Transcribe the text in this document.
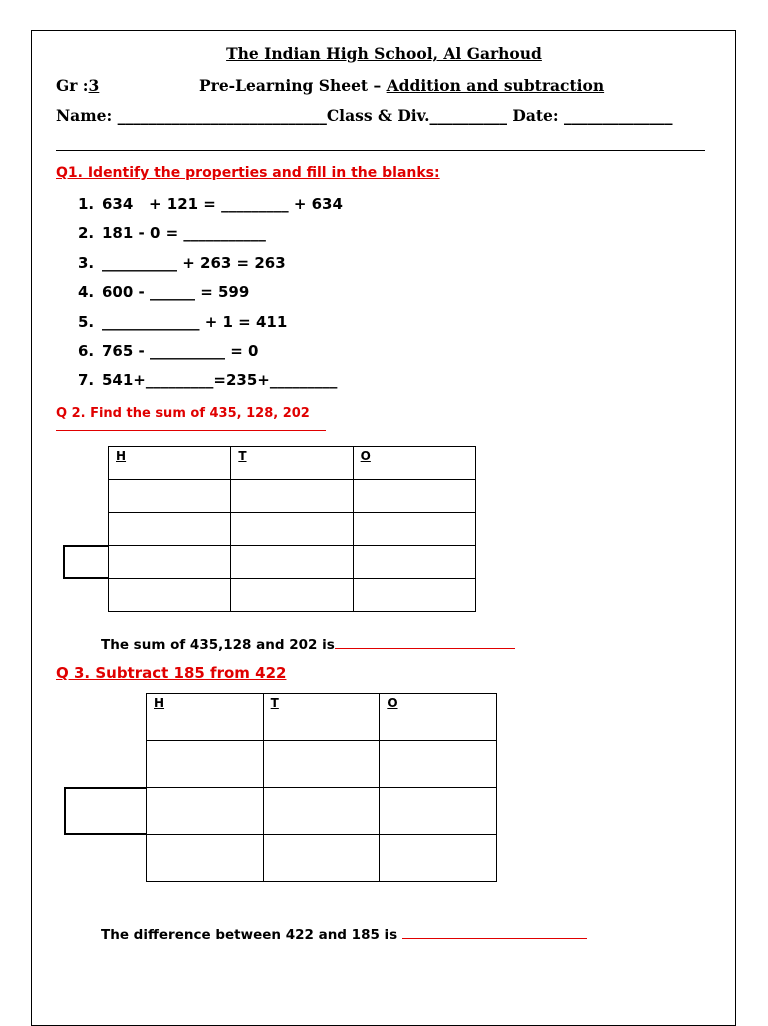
The Indian High School, Al Garhoud
Gr :3	Pre-Learning Sheet – Addition and subtraction
Name: ___________________________Class & Div.__________ Date: ______________
Q1. Identify the properties and fill in the blanks:
1. 634   + 121 = _________ + 634
2. 181 - 0 = ___________
3. __________ + 263 = 263
4. 600 - ______ = 599
5. _____________ + 1 = 411
6. 765 - __________ = 0
7. 541+_________=235+_________
Q 2. Find the sum of 435, 128, 202
H	T	O

The sum of 435,128 and 202 is
Q 3. Subtract 185 from 422
H	T	O

The difference between 422 and 185 is
